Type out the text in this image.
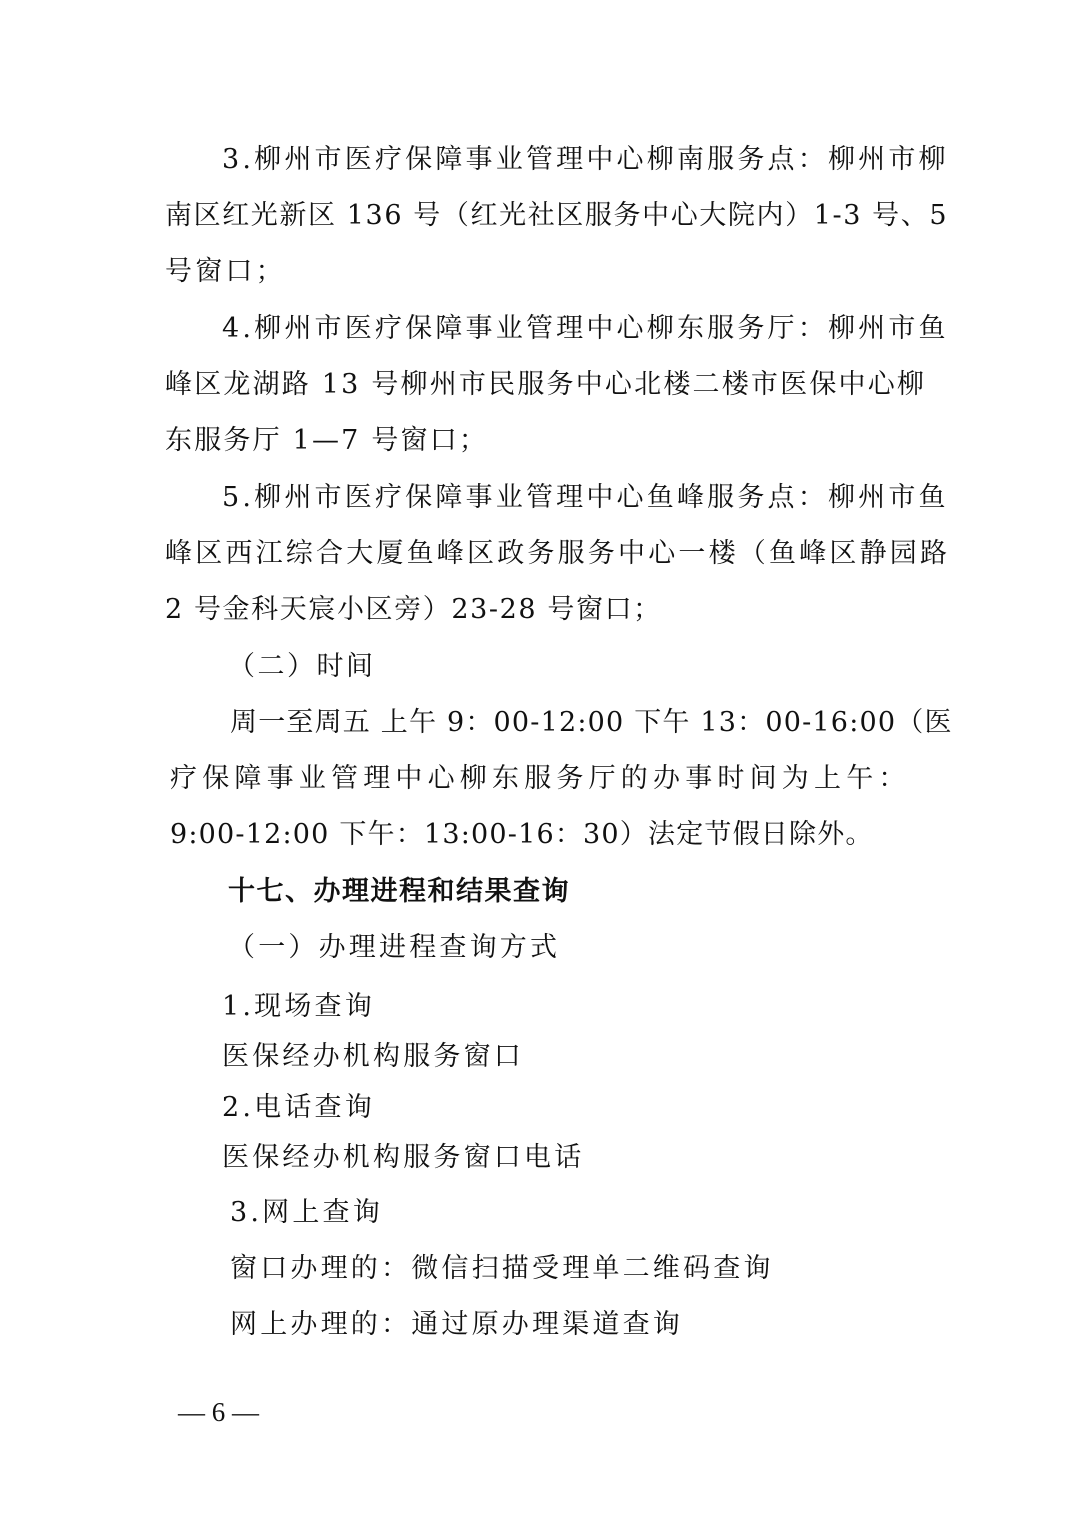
3.柳州市医疗保障事业管理中心柳南服务点：柳州市柳
南区红光新区 136 号（红光社区服务中心大院内）1-3 号、5
号窗口；
4.柳州市医疗保障事业管理中心柳东服务厅：柳州市鱼
峰区龙湖路 13 号柳州市民服务中心北楼二楼市医保中心柳
东服务厅 1—7 号窗口；
5.柳州市医疗保障事业管理中心鱼峰服务点：柳州市鱼
峰区西江综合大厦鱼峰区政务服务中心一楼（鱼峰区静园路
2 号金科天宸小区旁）23-28 号窗口；
（二）时间
周一至周五 上午 9：00-12:00 下午 13：00-16:00（医
疗保障事业管理中心柳东服务厅的办事时间为上午：
9:00-12:00 下午：13:00-16：30）法定节假日除外。
十七、办理进程和结果查询
（一）办理进程查询方式
1.现场查询
医保经办机构服务窗口
2.电话查询
医保经办机构服务窗口电话
3.网上查询
窗口办理的：微信扫描受理单二维码查询
网上办理的：通过原办理渠道查询
— 6 —
